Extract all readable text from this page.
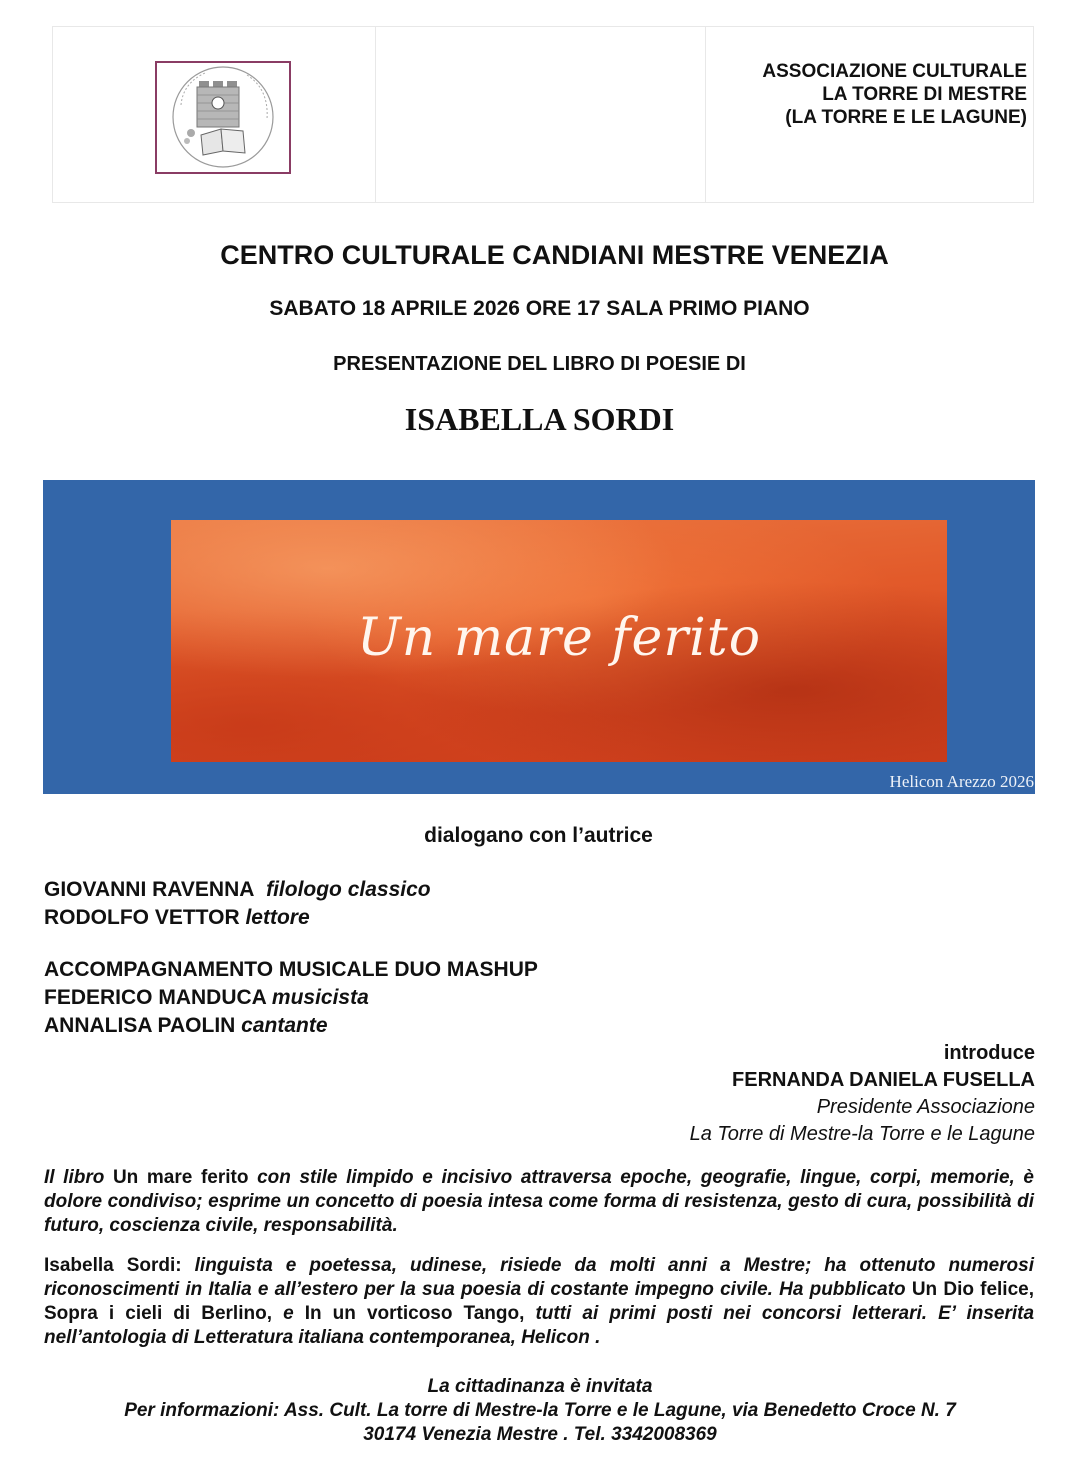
ASSOCIAZIONE CULTURALE
LA TORRE DI MESTRE
(LA TORRE E LE LAGUNE)
CENTRO CULTURALE CANDIANI MESTRE VENEZIA
SABATO 18 APRILE 2026 ORE 17 SALA PRIMO PIANO
PRESENTAZIONE DEL LIBRO DI POESIE DI
ISABELLA SORDI
Un mare ferito
Helicon Arezzo 2026
dialogano con l’autrice
GIOVANNI RAVENNA filologo classico
RODOLFO VETTOR lettore
ACCOMPAGNAMENTO MUSICALE DUO MASHUP
FEDERICO MANDUCA musicista
ANNALISA PAOLIN cantante
introduce
FERNANDA DANIELA FUSELLA
Presidente Associazione
La Torre di Mestre-la Torre e le Lagune
Il libro Un mare ferito con stile limpido e incisivo attraversa epoche, geografie, lingue, corpi, memorie, è dolore condiviso; esprime un concetto di poesia intesa come forma di resistenza, gesto di cura, possibilità di futuro, coscienza civile, responsabilità.
Isabella Sordi: linguista e poetessa, udinese, risiede da molti anni a Mestre; ha ottenuto numerosi riconoscimenti in Italia e all’estero per la sua poesia di costante impegno civile. Ha pubblicato Un Dio felice, Sopra i cieli di Berlino, e In un vorticoso Tango, tutti ai primi posti nei concorsi letterari. E’ inserita nell’antologia di Letteratura italiana contemporanea, Helicon .
La cittadinanza è invitata
Per informazioni: Ass. Cult. La torre di Mestre-la Torre e le Lagune, via Benedetto Croce N. 7
30174 Venezia Mestre . Tel. 3342008369
